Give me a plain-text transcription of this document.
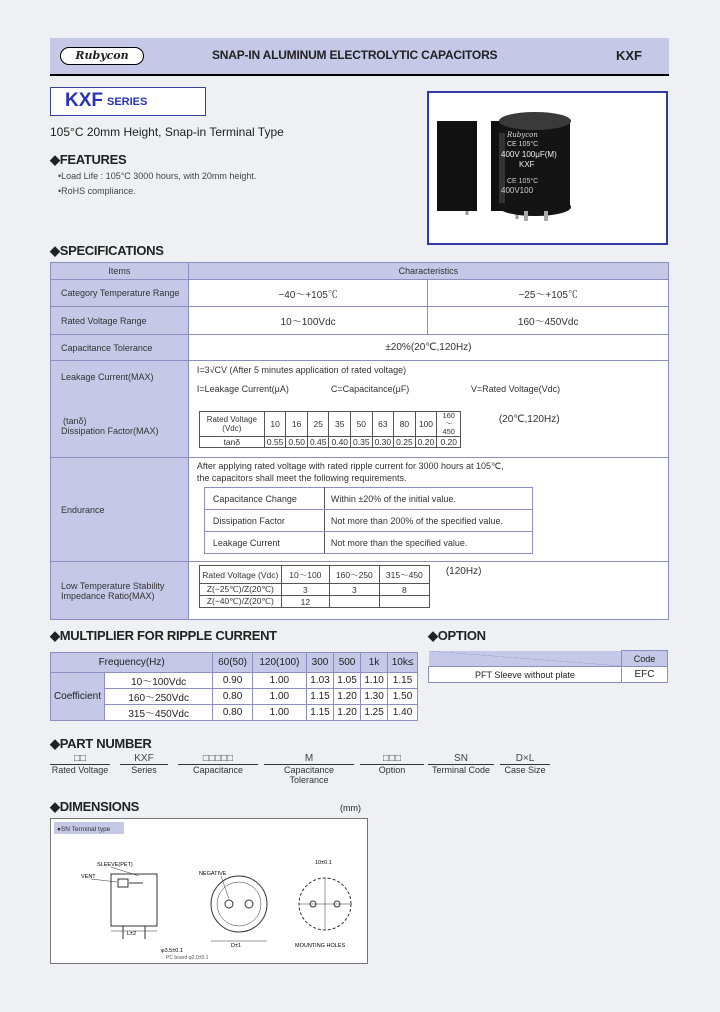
Rubycon	SNAP-IN ALUMINUM ELECTROLYTIC CAPACITORS	KXF
KXF SERIES
105°C 20mm Height, Snap-in Terminal Type
◆FEATURES
•Load Life : 105°C 3000 hours, with 20mm height.
•RoHS compliance.
Rubycon
CE 105°C
400V 100μF(M)
KXF
CE 105°C
400V100
◆SPECIFICATIONS
Items	Characteristics
Category Temperature Range	−40～+105℃	−25～+105℃
Rated Voltage Range	10～100Vdc	160～450Vdc
Capacitance Tolerance	±20%(20℃,120Hz)

Leakage Current(MAX)
(tanδ)
Dissipation Factor(MAX)

I=3√CV (After 5 minutes application of rated voltage)
I=Leakage Current(μA)	C=Capacitance(μF)	V=Rated Voltage(Vdc)
Rated Voltage (Vdc)	10	16	25	35	50	63	80	100	160～450
tanδ	0.55	0.50	0.45	0.40	0.35	0.30	0.25	0.20	0.20
(20℃,120Hz)

Endurance	
After applying rated voltage with rated ripple current for 3000 hours at 105℃,
the capacitors shall meet the following requirements.
Capacitance Change	Within ±20% of the initial value.
Dissipation Factor	Not more than 200% of the specified value.
Leakage Current	Not more than the specified value.

Low Temperature Stability
Impedance Ratio(MAX)

Rated Voltage (Vdc)	10～100	160～250	315～450
Z(−25℃)/Z(20℃)	3	3	8
Z(−40℃)/Z(20℃)	12		
(120Hz)
◆MULTIPLIER FOR RIPPLE CURRENT
Frequency(Hz)		60(50)	120(100)	300	500	1k	10k≤
Coefficient	10～100Vdc	0.90	1.00	1.03	1.05	1.10	1.15
	160～250Vdc	0.80	1.00	1.15	1.20	1.30	1.50
	315～450Vdc	0.80	1.00	1.15	1.20	1.25	1.40
◆OPTION
	Code
PFT Sleeve without plate	EFC
◆PART NUMBER
□□
Rated Voltage
KXF
Series
□□□□□
Capacitance
M
Capacitance Tolerance
□□□
Option
SN
Terminal Code
D×L
Case Size
◆DIMENSIONS	(mm)
●SN Terminal type
VENT
SLEEVE(PET)
L±2
φ3.5±0.1
NEGATIVE
D±1	MOUNTING HOLES
10±0.1
PC board φ2.0±0.1
